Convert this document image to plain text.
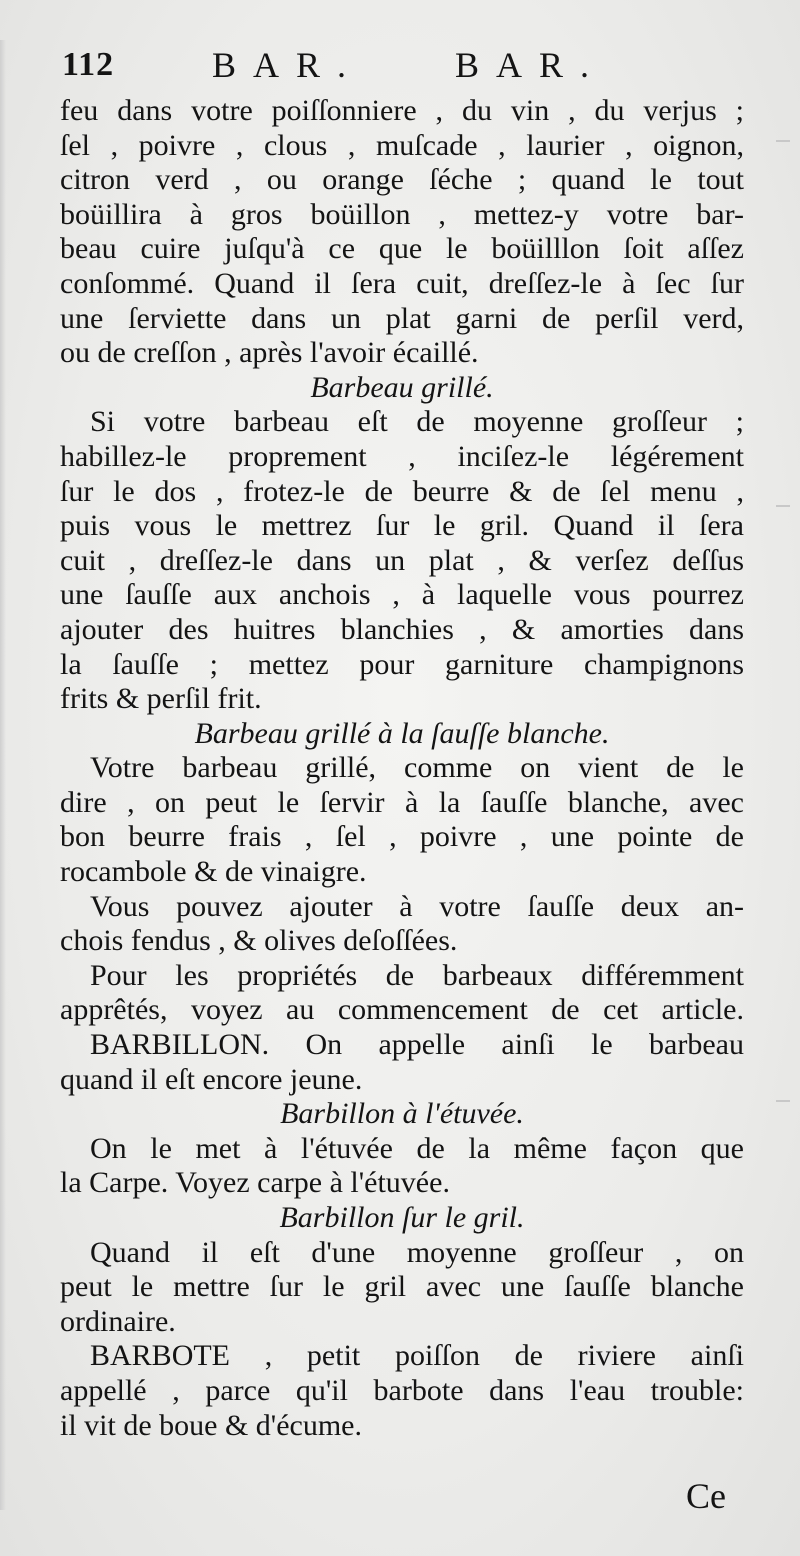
112	BAR.	BAR.
feu dans votre poiſſonniere , du vin , du verjus ;
ſel , poivre , clous , muſcade , laurier , oignon,
citron verd , ou orange ſéche ; quand le tout
boüillira à gros boüillon , mettez-y votre bar-
beau cuire juſqu'à ce que le boüilllon ſoit aſſez
conſommé. Quand il ſera cuit, dreſſez-le à ſec ſur
une ſerviette dans un plat garni de perſil verd,
ou de creſſon , après l'avoir écaillé.
Barbeau grillé.
Si votre barbeau eſt de moyenne groſſeur ;
habillez-le proprement , inciſez-le légérement
ſur le dos , frotez-le de beurre & de ſel menu ,
puis vous le mettrez ſur le gril. Quand il ſera
cuit , dreſſez-le dans un plat , & verſez deſſus
une ſauſſe aux anchois , à laquelle vous pourrez
ajouter des huitres blanchies , & amorties dans
la ſauſſe ; mettez pour garniture champignons
frits & perſil frit.
Barbeau grillé à la ſauſſe blanche.
Votre barbeau grillé, comme on vient de le
dire , on peut le ſervir à la ſauſſe blanche, avec
bon beurre frais , ſel , poivre , une pointe de
rocambole & de vinaigre.
Vous pouvez ajouter à votre ſauſſe deux an-
chois fendus , & olives deſoſſées.
Pour les propriétés de barbeaux différemment
apprêtés, voyez au commencement de cet article.
BARBILLON. On appelle ainſi le barbeau
quand il eſt encore jeune.
Barbillon à l'étuvée.
On le met à l'étuvée de la même façon que
la Carpe. Voyez carpe à l'étuvée.
Barbillon ſur le gril.
Quand il eſt d'une moyenne groſſeur , on
peut le mettre ſur le gril avec une ſauſſe blanche
ordinaire.
BARBOTE , petit poiſſon de riviere ainſi
appellé , parce qu'il barbote dans l'eau trouble:
il vit de boue & d'écume.
Ce
